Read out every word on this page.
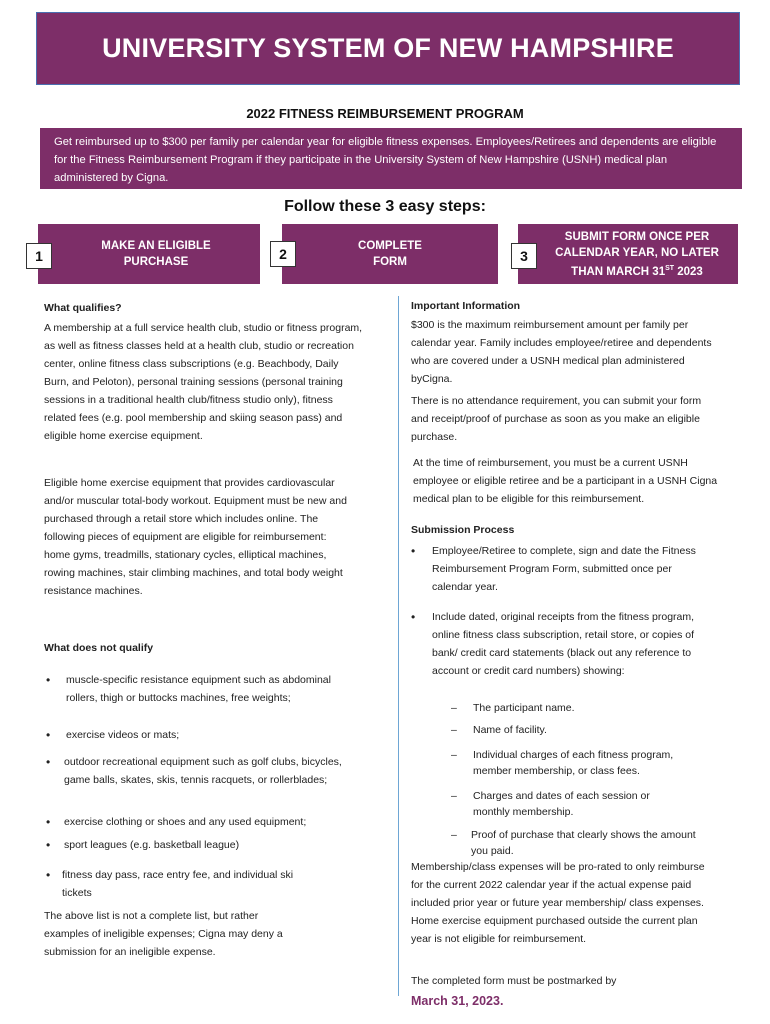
UNIVERSITY SYSTEM OF NEW HAMPSHIRE
2022 FITNESS REIMBURSEMENT PROGRAM
Get reimbursed up to $300 per family per calendar year for eligible fitness expenses. Employees/Retirees and dependents are eligible for the Fitness Reimbursement Program if they participate in the University System of New Hampshire (USNH) medical plan administered by Cigna.
Follow these 3 easy steps:
MAKE AN ELIGIBLE
PURCHASE
1
COMPLETE
FORM
2
SUBMIT FORM ONCE PER
CALENDAR YEAR, NO LATER
THAN MARCH 31ST 2023
3
What qualifies?
A membership at a full service health club, studio or fitness program, as well as fitness classes held at a health club, studio or recreation center, online fitness class subscriptions (e.g. Beachbody, Daily Burn, and Peloton), personal training sessions (personal training sessions in a traditional health club/fitness studio only), fitness related fees (e.g. pool membership and skiing season pass) and eligible home exercise equipment.
Eligible home exercise equipment that provides cardiovascular and/or muscular total-body workout. Equipment must be new and purchased through a retail store which includes online. The following pieces of equipment are eligible for reimbursement: home gyms, treadmills, stationary cycles, elliptical machines, rowing machines, stair climbing machines, and total body weight resistance machines.
What does not qualify
•	muscle-specific resistance equipment such as abdominal rollers, thigh or buttocks machines, free weights;
•	exercise videos or mats;
•	outdoor recreational equipment such as golf clubs, bicycles, game balls, skates, skis, tennis racquets, or rollerblades;
•	exercise clothing or shoes and any used equipment;
•	sport leagues (e.g. basketball league)
•	fitness day pass, race entry fee, and individual ski tickets
The above list is not a complete list, but rather examples of ineligible expenses; Cigna may deny a submission for an ineligible expense.
Important Information
$300 is the maximum reimbursement amount per family per calendar year. Family includes employee/retiree and dependents who are covered under a USNH medical plan administered byCigna.
There is no attendance requirement, you can submit your form and receipt/proof of purchase as soon as you make an eligible purchase.
At the time of reimbursement, you must be a current USNH employee or eligible retiree and be a participant in a USNH Cigna medical plan to be eligible for this reimbursement.
Submission Process
•	Employee/Retiree to complete, sign and date the Fitness Reimbursement Program Form, submitted once per calendar year.
•	Include dated, original receipts from the fitness program, online fitness class subscription, retail store, or copies of bank/ credit card statements (black out any reference to account or credit card numbers) showing:
–	The participant name.
–	Name of facility.
–	Individual charges of each fitness program, member membership, or class fees.
–	Charges and dates of each session or monthly membership.
–	Proof of purchase that clearly shows the amount you paid.
Membership/class expenses will be pro-rated to only reimburse for the current 2022 calendar year if the actual expense paid included prior year or future year membership/ class expenses. Home exercise equipment purchased outside the current plan year is not eligible for reimbursement.
The completed form must be postmarked by
March 31, 2023.
